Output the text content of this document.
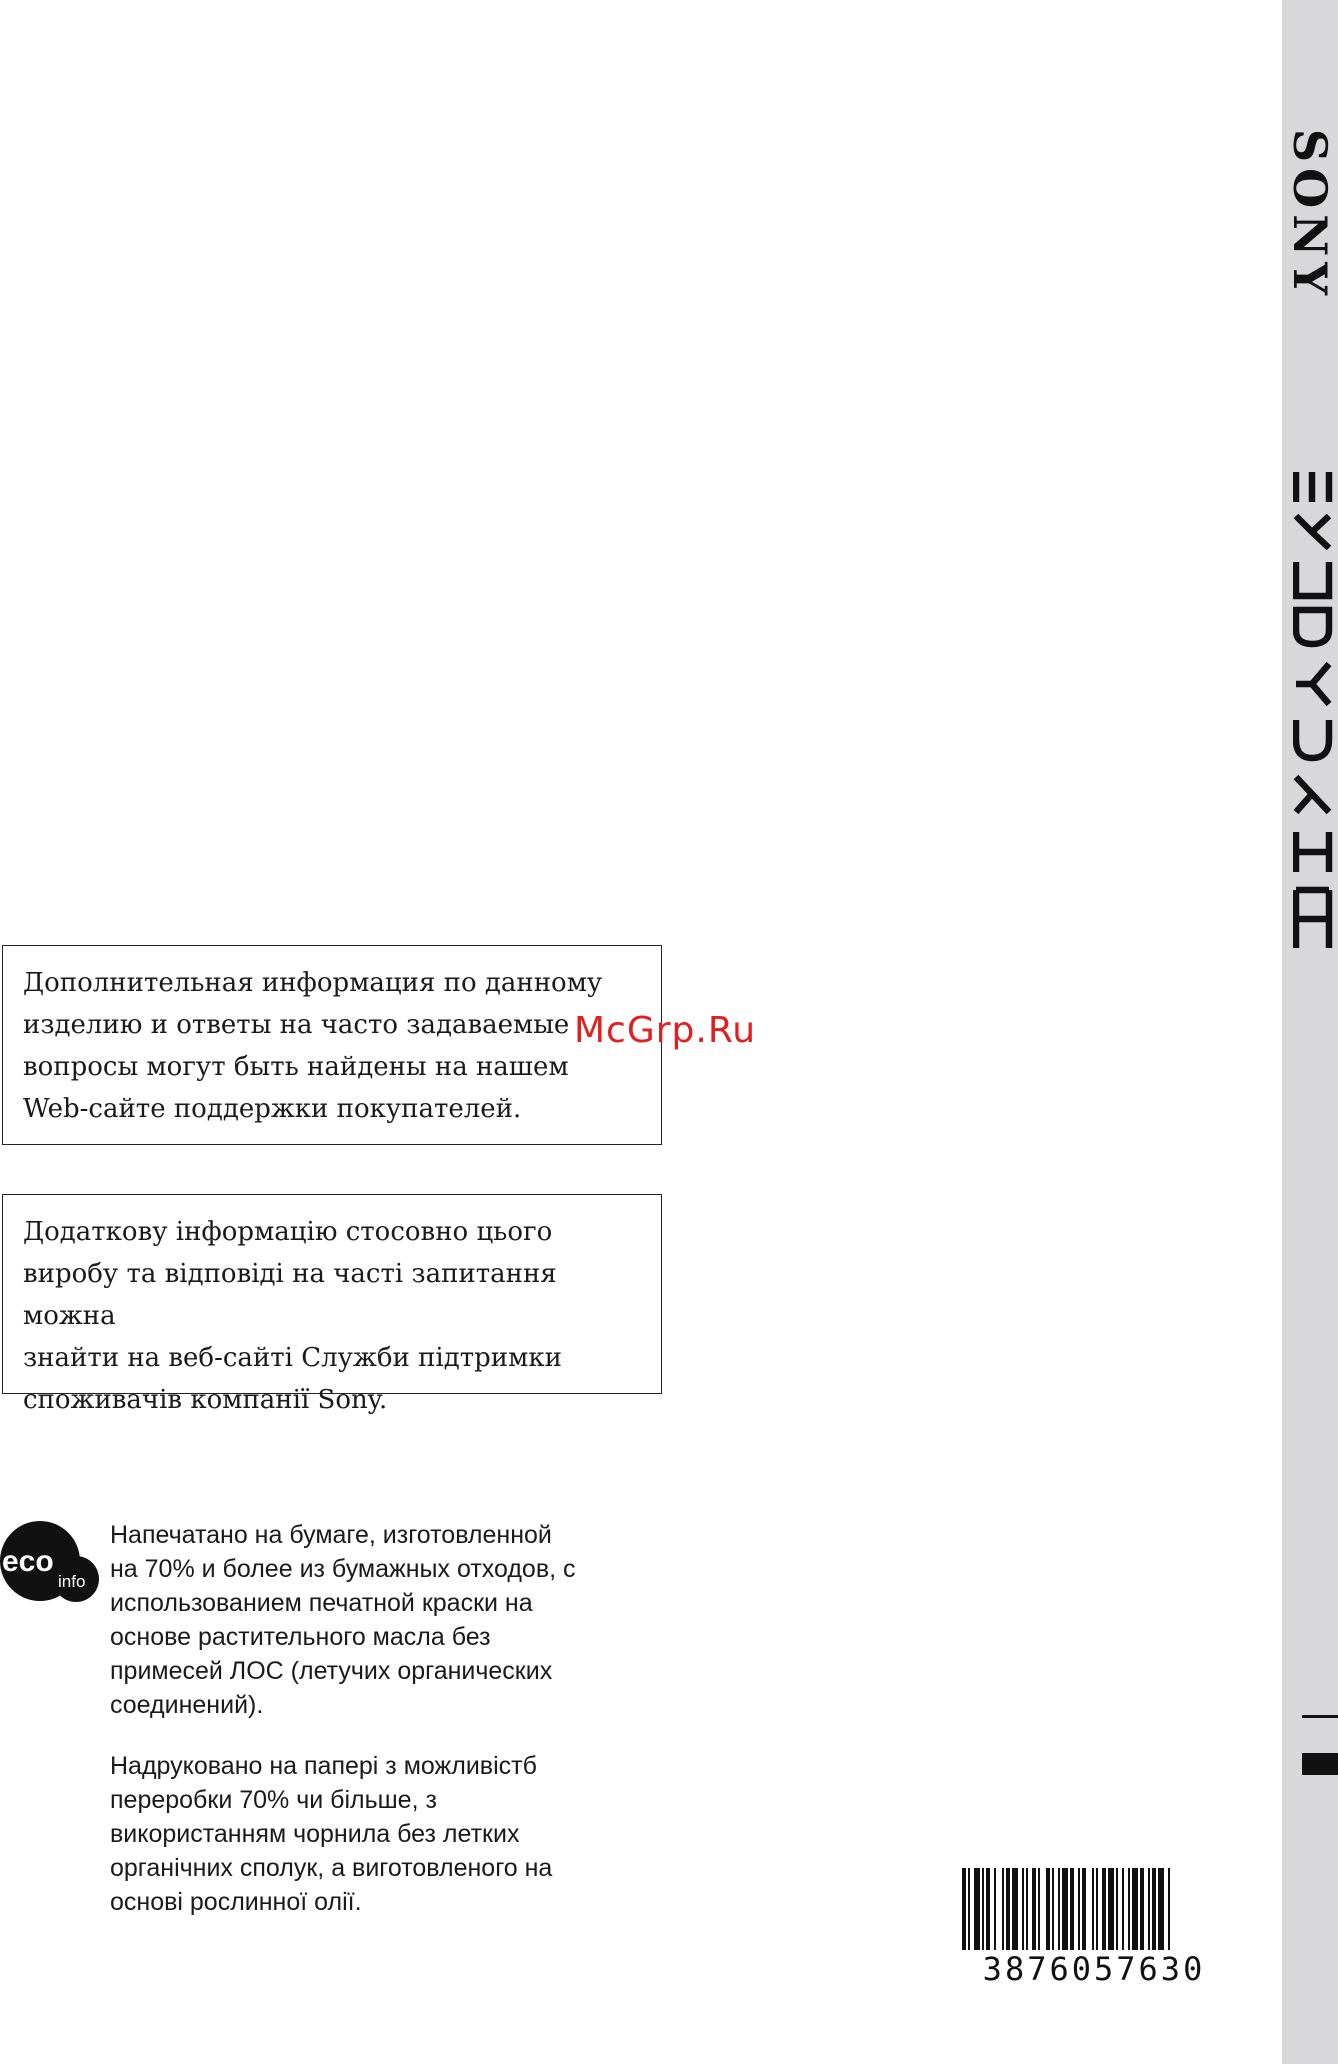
Дополнительная информация по данному

изделию и ответы на часто задаваемые

вопросы могут быть найдены на нашем

Web-сайте поддержки покупателей.

McGrp.Ru

Додаткову інформацію стосовно цього

виробу та відповіді на часті запитання можна

знайти на веб-сайті Служби підтримки

споживачів компанії Sony.

eco
info

Напечатано на бумаге, изготовленной

на 70% и более из бумажных отходов, с

использованием печатной краски на

основе растительного масла без

примесей ЛОС (летучих органических

соединений).

Надруковано на папері з можливістб

переробки 70% чи більше, з

використанням чорнила без летких

органічних сполук, а виготовленого на

основі рослинної олії.

3876057630
SONY
